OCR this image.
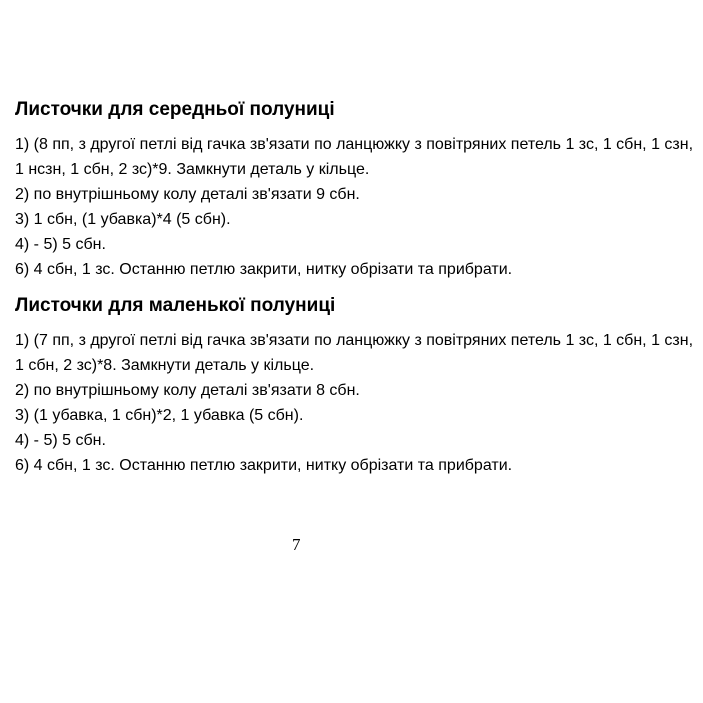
Листочки для середньої полуниці
1) (8 пп, з другої петлі від гачка зв'язати по ланцюжку з повітряних петель 1 зс, 1 сбн, 1 сзн, 1 нсзн, 1 сбн, 2 зс)*9. Замкнути деталь у кільце.
2) по внутрішньому колу деталі зв'язати 9 сбн.
3) 1 сбн, (1 убавка)*4 (5 сбн).
4) - 5) 5 сбн.
6) 4 сбн, 1 зс. Останню петлю закрити, нитку обрізати та прибрати.
Листочки для маленької полуниці
1) (7 пп, з другої петлі від гачка зв'язати по ланцюжку з повітряних петель 1 зс, 1 сбн, 1 сзн, 1 сбн, 2 зс)*8. Замкнути деталь у кільце.
2) по внутрішньому колу деталі зв'язати 8 сбн.
3) (1 убавка, 1 сбн)*2, 1 убавка (5 сбн).
4) - 5) 5 сбн.
6) 4 сбн, 1 зс. Останню петлю закрити, нитку обрізати та прибрати.
7
